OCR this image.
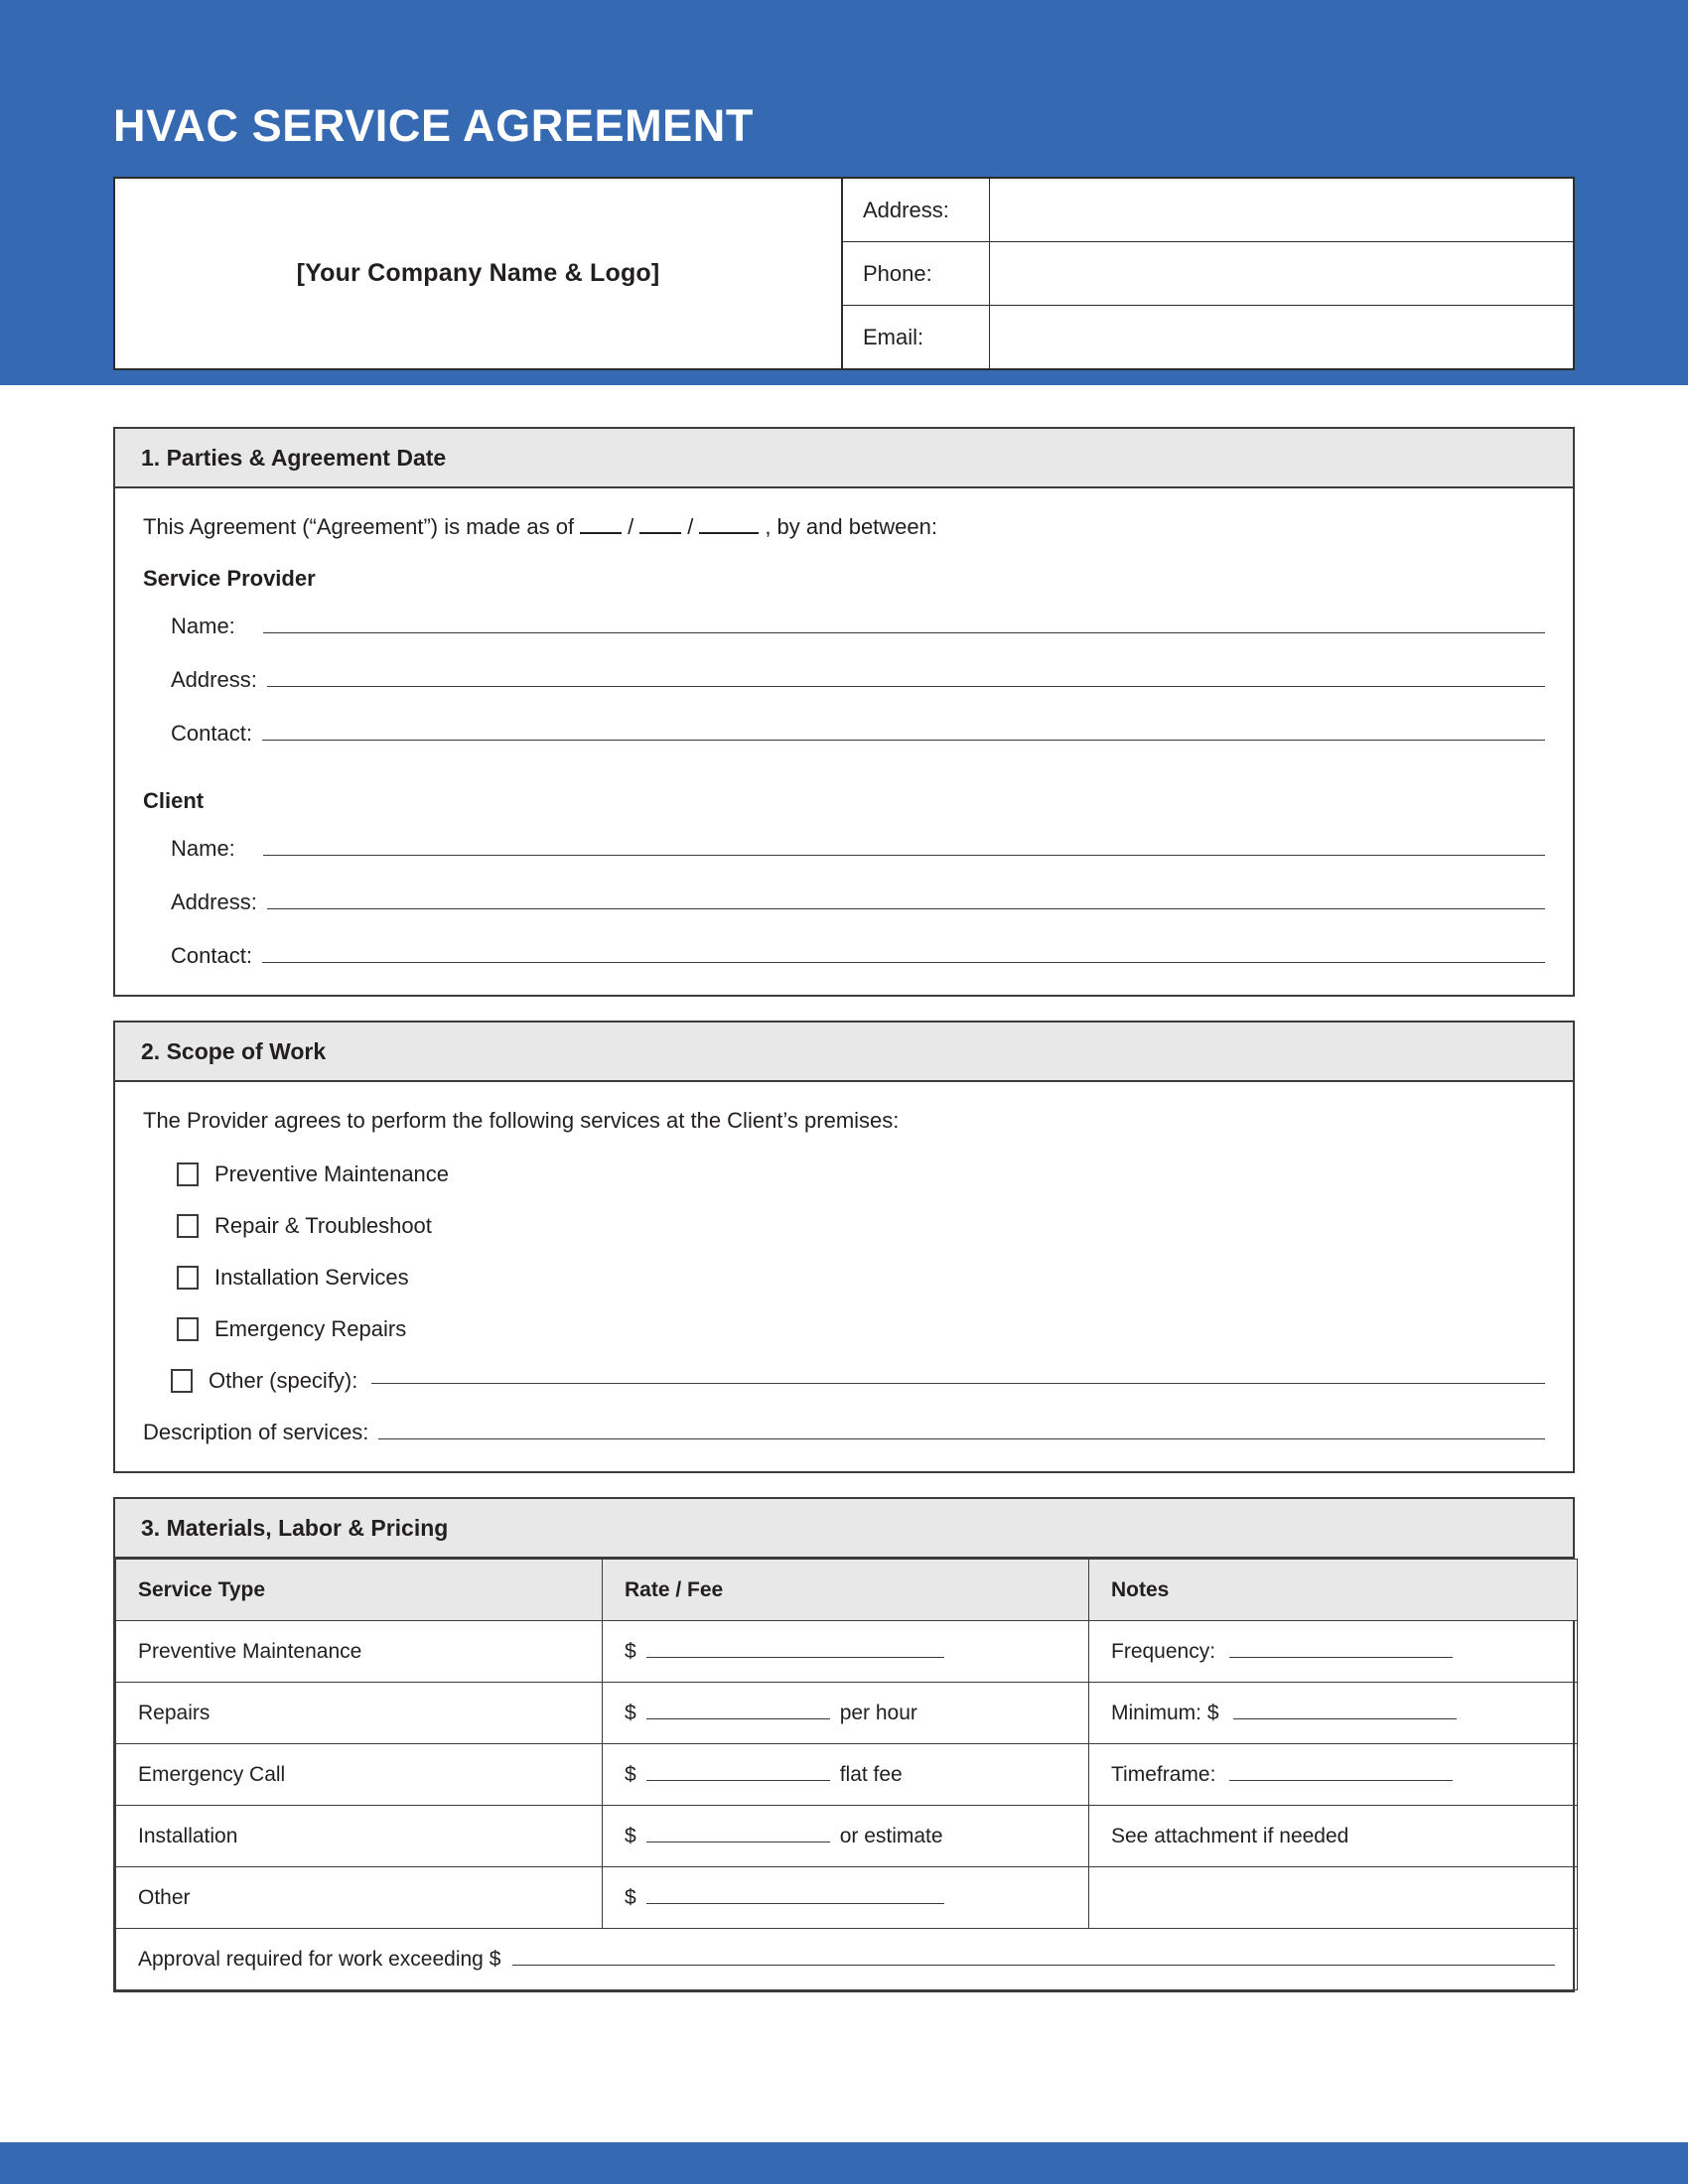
HVAC SERVICE AGREEMENT
[Your Company Name & Logo]
Address:
Phone:
Email:
1. Parties & Agreement Date
This Agreement (“Agreement”) is made as of / /	, by and between:
Service Provider
Name:
Address:
Contact:
Client
Name:
Address:
Contact:
2. Scope of Work
The Provider agrees to perform the following services at the Client’s premises:
Preventive Maintenance
Repair & Troubleshoot
Installation Services
Emergency Repairs
Other (specify):
Description of services:
3. Materials, Labor & Pricing
Service Type	Rate / Fee	Notes
Preventive Maintenance	$	Frequency:

Repairs	$ per hour	Minimum: $

Emergency Call	$ flat fee	Timeframe:

Installation	$ or estimate	See attachment if needed
Other	$	

Approval required for work exceeding $		
